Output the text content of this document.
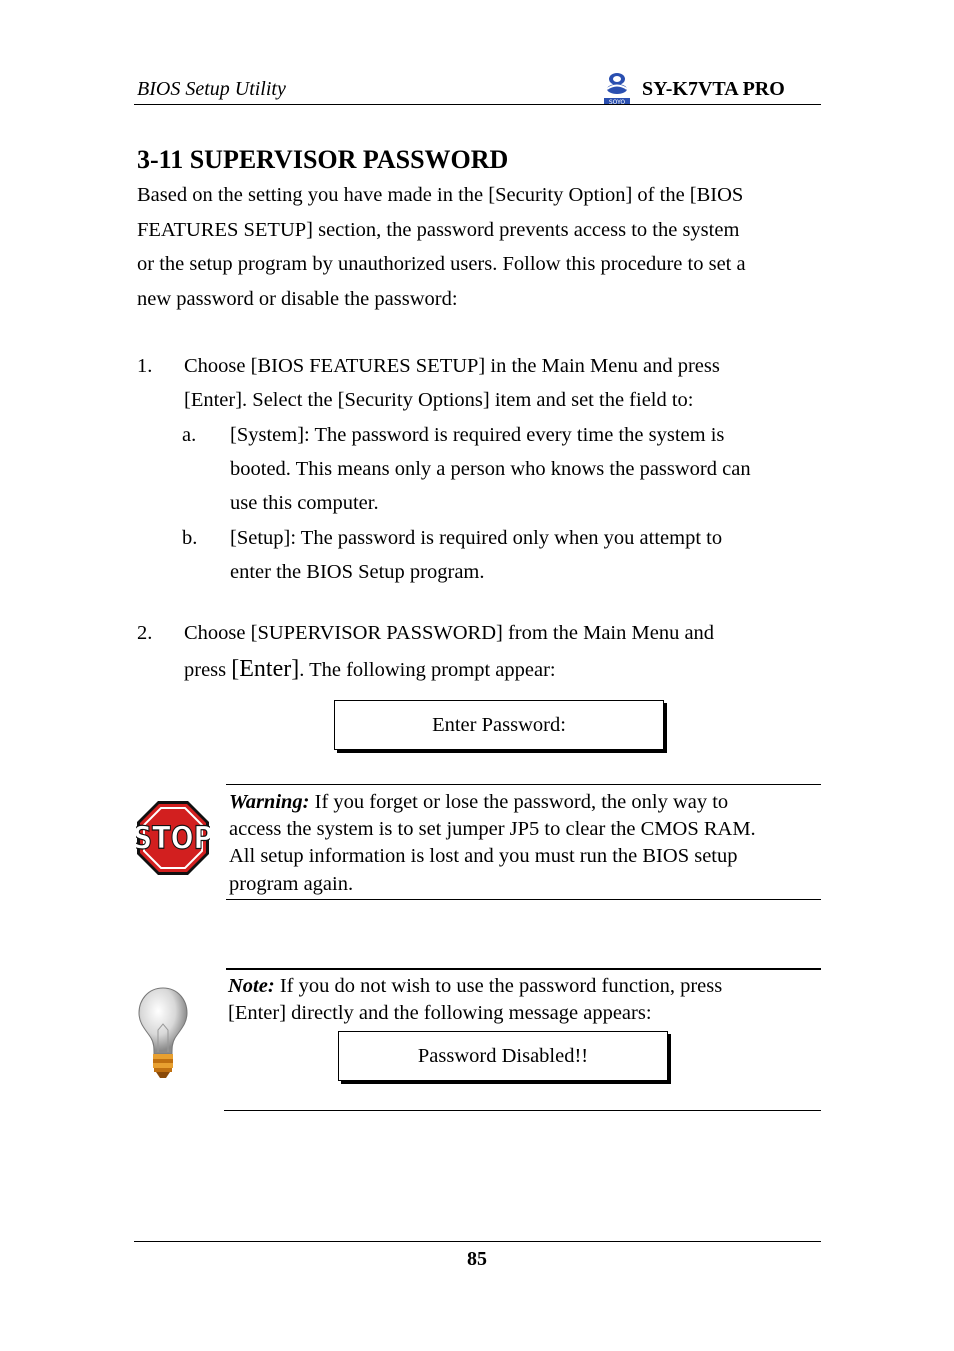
BIOS Setup Utility
SOYO
SY-K7VTA PRO
3-11 SUPERVISOR PASSWORD
Based on the setting you have made in the [Security Option] of the [BIOS
FEATURES SETUP] section, the password prevents access to the system
or the setup program by unauthorized users. Follow this procedure to set a
new password or disable the password:
1. Choose [BIOS FEATURES SETUP] in the Main Menu and press
[Enter]. Select the [Security Options] item and set the field to:
a. [System]: The password is required every time the system is
booted. This means only a person who knows the password can
use this computer.
b. [Setup]: The password is required only when you attempt to
enter the BIOS Setup program.
2. Choose [SUPERVISOR PASSWORD] from the Main Menu and
press [Enter]. The following prompt appear:
Enter Password:
STOP
Warning: If you forget or lose the password, the only way to
access the system is to set jumper JP5 to clear the CMOS RAM.
All setup information is lost and you must run the BIOS setup
program again.
Note: If you do not wish to use the password function, press
[Enter] directly and the following message appears:
Password Disabled!!
85
